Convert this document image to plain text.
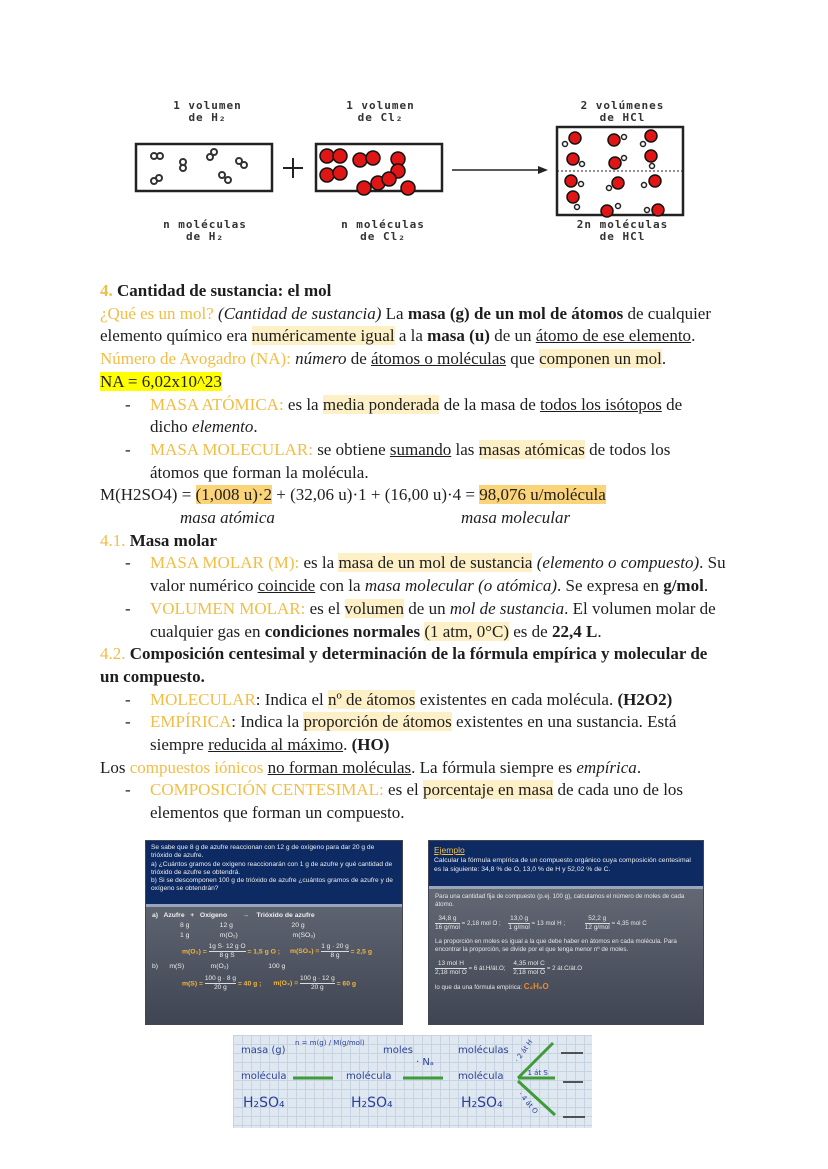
1 volumen
de H₂
1 volumen
de Cl₂
2 volúmenes
de HCl
n moléculas
de H₂
n moléculas
de Cl₂
2n moléculas
de HCl
4. Cantidad de sustancia: el mol
¿Qué es un mol? (Cantidad de sustancia) La masa (g) de un mol de átomos de cualquier
elemento químico era numéricamente igual a la masa (u) de un átomo de ese elemento.
Número de Avogadro (NA): número de átomos o moléculas que componen un mol.
NA = 6,02x10^23
- MASA ATÓMICA: es la media ponderada de la masa de todos los isótopos de
dicho elemento.
- MASA MOLECULAR: se obtiene sumando las masas atómicas de todos los
átomos que forman la molécula.
M(H2SO4) = (1,008 u)·2 + (32,06 u)·1 + (16,00 u)·4 = 98,076 u/molécula
masa atómica	masa molecular
4.1. Masa molar
- MASA MOLAR (M): es la masa de un mol de sustancia (elemento o compuesto). Su
valor numérico coincide con la masa molecular (o atómica). Se expresa en g/mol.
- VOLUMEN MOLAR: es el volumen de un mol de sustancia. El volumen molar de
cualquier gas en condiciones normales (1 atm, 0°C) es de 22,4 L.
4.2. Composición centesimal y determinación de la fórmula empírica y molecular de
un compuesto.
- MOLECULAR: Indica el nº de átomos existentes en cada molécula. (H2O2)
- EMPÍRICA: Indica la proporción de átomos existentes en una sustancia. Está
siempre reducida al máximo. (HO)
Los compuestos iónicos no forman moléculas. La fórmula siempre es empírica.
- COMPOSICIÓN CENTESIMAL: es el porcentaje en masa de cada uno de los
elementos que forman un compuesto.
Se sabe que 8 g de azufre reaccionan con 12 g de oxígeno para dar 20 g de trióxido de azufre.
a) ¿Cuántos gramos de oxígeno reaccionarán con 1 g de azufre y qué cantidad de trióxido de azufre se obtendrá.
b) Si se descomponen 100 g de trióxido de azufre ¿cuántos gramos de azufre y de oxígeno se obtendrán?
a)   Azufre   +   Oxígeno        →    Trióxido de azufre
8 g                12 g                               20 g
1 g                m(O₂)                             m(SO₃)
$m(O_2) = \frac{\text{1g S· 12 g O}}{\text{8 g S}} = 1,5$ g O ; $m(SO_3) = \frac{1 g \cdot 20 g}{8 g} = 2,5$ g
b)      m(S)              m(O₂)                     100 g
$m(S) = \frac{100 g \cdot 8 g}{20 g} = 40$ g ; $m(O_2) = \frac{100 g \cdot 12 g}{20 g} = 60$ g
Ejemplo
Calcular la fórmula empírica de un compuesto orgánico cuya composición centesimal es la siguiente: 34,8 % de O, 13,0 % de H y 52,02 % de C.
Para una cantidad fija de compuesto (p.ej. 100 g), calculamos el número de moles de cada átomo.
$\frac{34,8 g}{\text{16 g/mol}} = 2,18$ mol O ; $\frac{13,0 g}{\text{1 g/mol}} = 13$ mol H ;	$\frac{52,2 g}{\text{12 g/mol}} = 4,35$ mol C
La proporción en moles es igual a la que debe haber en átomos en cada molécula. Para encontrar la proporción, se divide por el que tenga menor nº de moles.
$\frac{\text{13 mol H}}{\text{2,18 mol O}} = 6$ át.H/át.O; $\frac{\text{4,35 mol C}}{\text{2,18 mol O}} = 2$ át.C/át.O
lo que da una fórmula empírica: C₂H₆O
masa (g)
n = m(g) / M(g/mol)
moles	moléculas
molécula	molécula	molécula
· Nₐ
H₂SO₄	H₂SO₄	H₂SO₄
· 2 át H
· 1 át S
· 4 át O
